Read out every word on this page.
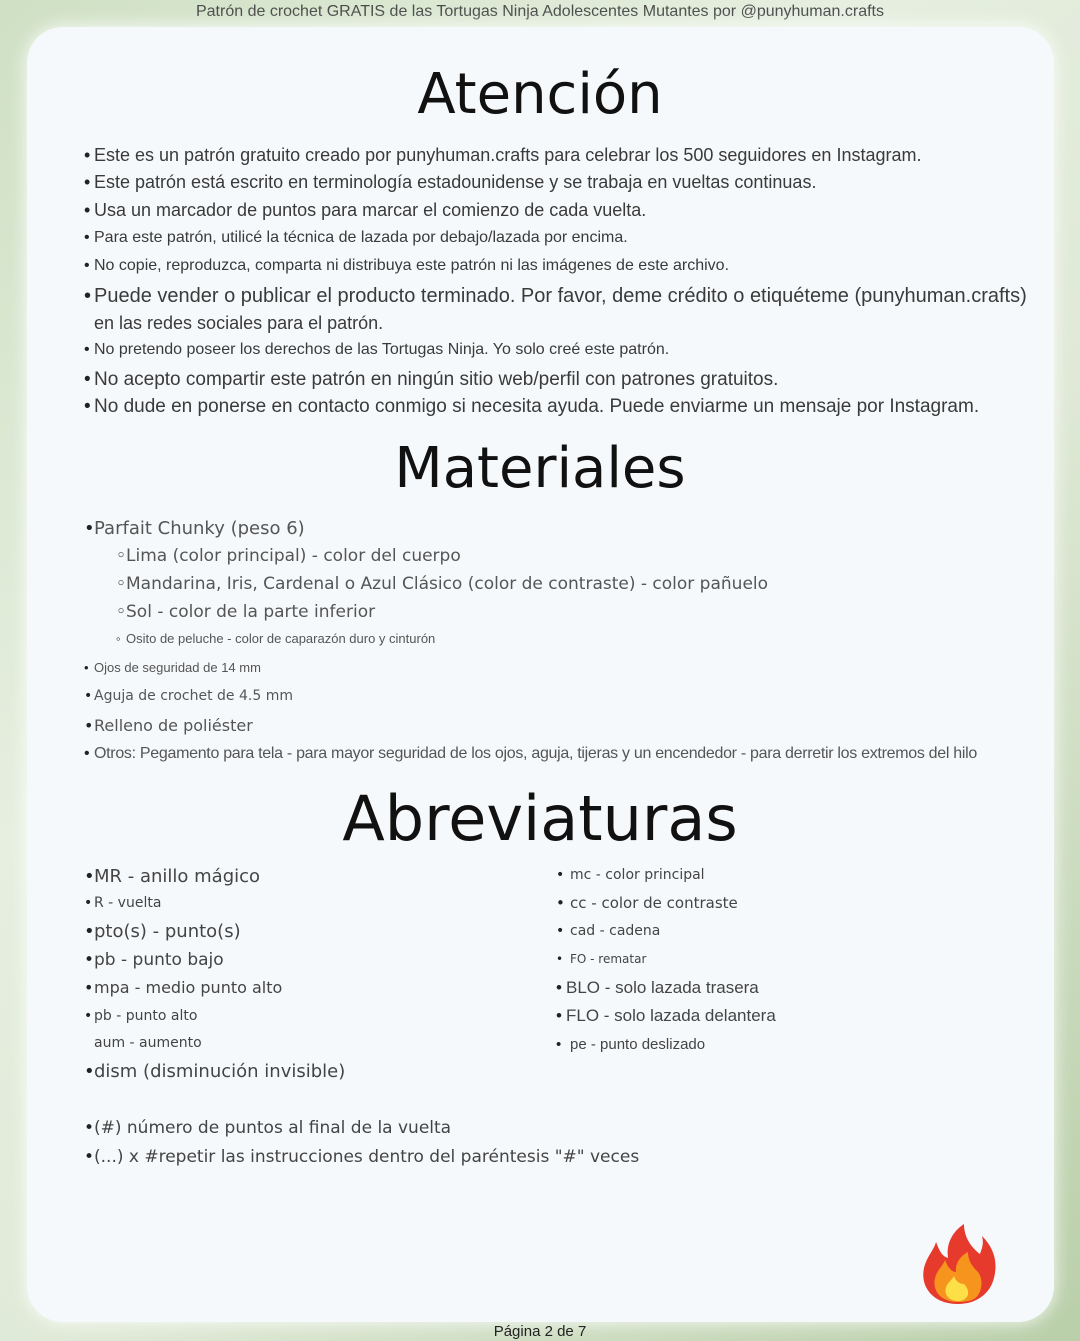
Patrón de crochet GRATIS de las Tortugas Ninja Adolescentes Mutantes por @punyhuman.crafts
Atención
• Este es un patrón gratuito creado por punyhuman.crafts para celebrar los 500 seguidores en Instagram.
• Este patrón está escrito en terminología estadounidense y se trabaja en vueltas continuas.
• Usa un marcador de puntos para marcar el comienzo de cada vuelta.
• Para este patrón, utilicé la técnica de lazada por debajo/lazada por encima.
• No copie, reproduzca, comparta ni distribuya este patrón ni las imágenes de este archivo.
• Puede vender o publicar el producto terminado. Por favor, deme crédito o etiquéteme (punyhuman.crafts)
en las redes sociales para el patrón.
• No pretendo poseer los derechos de las Tortugas Ninja. Yo solo creé este patrón.
• No acepto compartir este patrón en ningún sitio web/perfil con patrones gratuitos.
• No dude en ponerse en contacto conmigo si necesita ayuda. Puede enviarme un mensaje por Instagram.
Materiales
•Parfait Chunky (peso 6)
◦Lima (color principal) - color del cuerpo
◦Mandarina, Iris, Cardenal o Azul Clásico (color de contraste) - color pañuelo
◦Sol - color de la parte inferior
◦ Osito de peluche - color de caparazón duro y cinturón
• Ojos de seguridad de 14 mm
• Aguja de crochet de 4.5 mm
•Relleno de poliéster
• Otros: Pegamento para tela - para mayor seguridad de los ojos, aguja, tijeras y un encendedor - para derretir los extremos del hilo
Abreviaturas
•MR - anillo mágico
• R - vuelta
•pto(s) - punto(s)
•pb - punto bajo
•mpa - medio punto alto
• pb - punto alto
aum - aumento
•dism (disminución invisible)
•(#) número de puntos al final de la vuelta
•(...) x #repetir las instrucciones dentro del paréntesis "#" veces
• mc - color principal
• cc - color de contraste
• cad - cadena
• FO - rematar
• BLO - solo lazada trasera
• FLO - solo lazada delantera
• pe - punto deslizado
Página 2 de 7
